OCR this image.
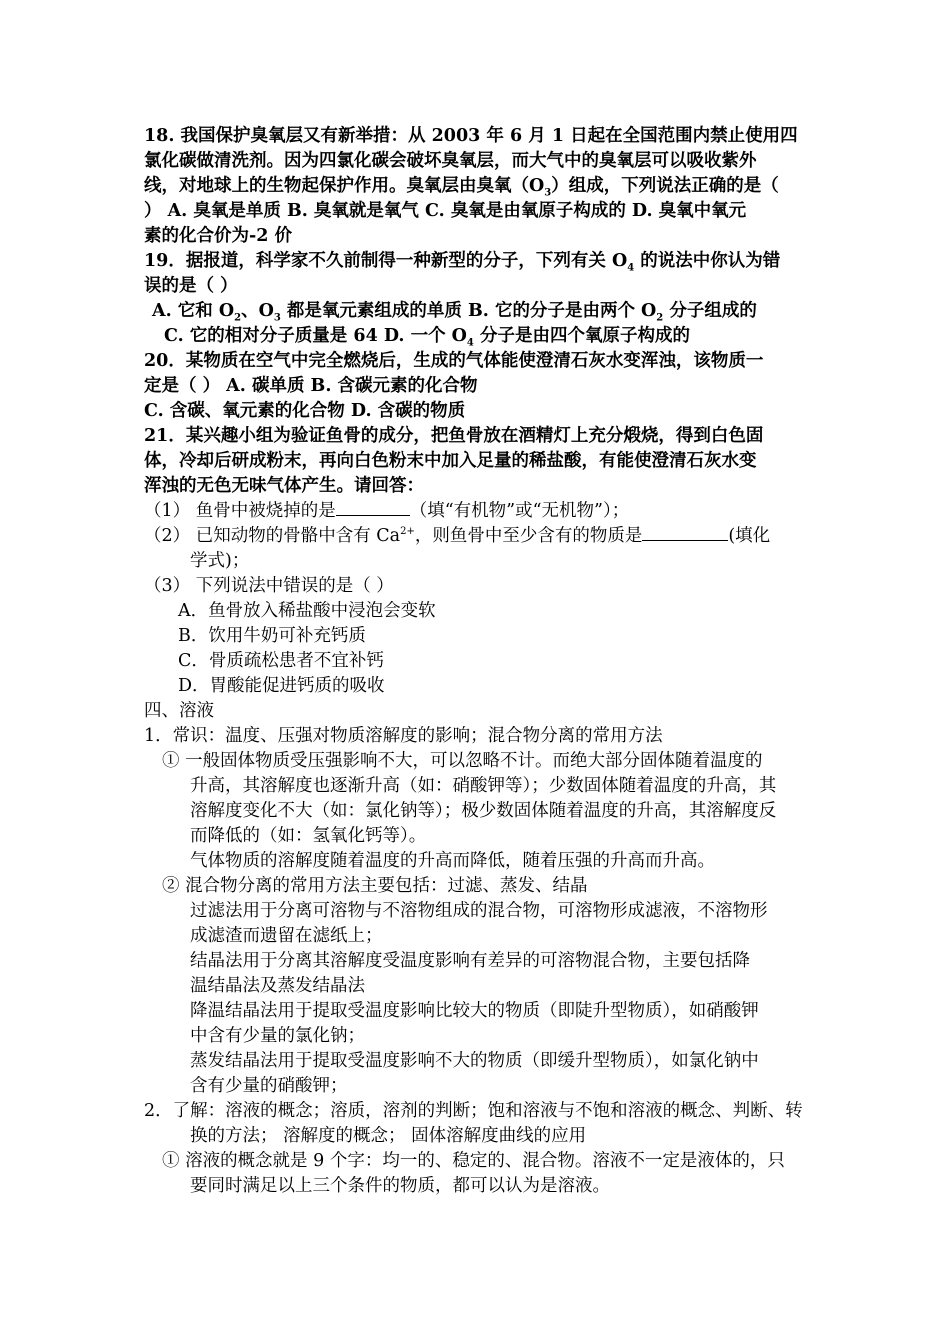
18. 我国保护臭氧层又有新举措：从 2003 年 6 月 1 日起在全国范围内禁止使用四
氯化碳做清洗剂。因为四氯化碳会破坏臭氧层，而大气中的臭氧层可以吸收紫外
线，对地球上的生物起保护作用。臭氧层由臭氧$(O_3)$组成，下列说法正确的是（
） A. 臭氧是单质 B. 臭氧就是氧气 C. 臭氧是由氧原子构成的 D. 臭氧中氧元
素的化合价为-2 价
19．据报道，科学家不久前制得一种新型的分子，下列有关 $O_4$ 的说法中你认为错
误的是（ ）
A. 它和 $O_2$、$O_3$ 都是氧元素组成的单质 B. 它的分子是由两个 $O_2$ 分子组成的
C. 它的相对分子质量是 64 D. 一个 $O_4$ 分子是由四个氧原子构成的
20．某物质在空气中完全燃烧后，生成的气体能使澄清石灰水变浑浊，该物质一
定是（ ） A. 碳单质 B. 含碳元素的化合物
C. 含碳、氧元素的化合物 D. 含碳的物质
21．某兴趣小组为验证鱼骨的成分，把鱼骨放在酒精灯上充分煅烧，得到白色固
体，冷却后研成粉末，再向白色粉末中加入足量的稀盐酸，有能使澄清石灰水变
浑浊的无色无味气体产生。请回答：
（1） 鱼骨中被烧掉的是	（填“有机物”或“无机物”）；
（2） 已知动物的骨骼中含有 $Ca^{2+}$，则鱼骨中至少含有的物质是	(填化
学式)；
（3） 下列说法中错误的是（ ）
A．鱼骨放入稀盐酸中浸泡会变软
B．饮用牛奶可补充钙质
C．骨质疏松患者不宜补钙
D．胃酸能促进钙质的吸收
四、溶液
1．常识：温度、压强对物质溶解度的影响；混合物分离的常用方法
① 一般固体物质受压强影响不大，可以忽略不计。而绝大部分固体随着温度的
升高，其溶解度也逐渐升高（如：硝酸钾等）；少数固体随着温度的升高，其
溶解度变化不大（如：氯化钠等）；极少数固体随着温度的升高，其溶解度反
而降低的（如：氢氧化钙等）。
气体物质的溶解度随着温度的升高而降低，随着压强的升高而升高。
② 混合物分离的常用方法主要包括：过滤、蒸发、结晶
过滤法用于分离可溶物与不溶物组成的混合物，可溶物形成滤液，不溶物形
成滤渣而遗留在滤纸上；
结晶法用于分离其溶解度受温度影响有差异的可溶物混合物，主要包括降
温结晶法及蒸发结晶法
降温结晶法用于提取受温度影响比较大的物质（即陡升型物质），如硝酸钾
中含有少量的氯化钠；
蒸发结晶法用于提取受温度影响不大的物质（即缓升型物质），如氯化钠中
含有少量的硝酸钾；
2．了解：溶液的概念；溶质，溶剂的判断；饱和溶液与不饱和溶液的概念、判断、转
换的方法； 溶解度的概念； 固体溶解度曲线的应用
① 溶液的概念就是 9 个字：均一的、稳定的、混合物。溶液不一定是液体的，只
要同时满足以上三个条件的物质，都可以认为是溶液。
